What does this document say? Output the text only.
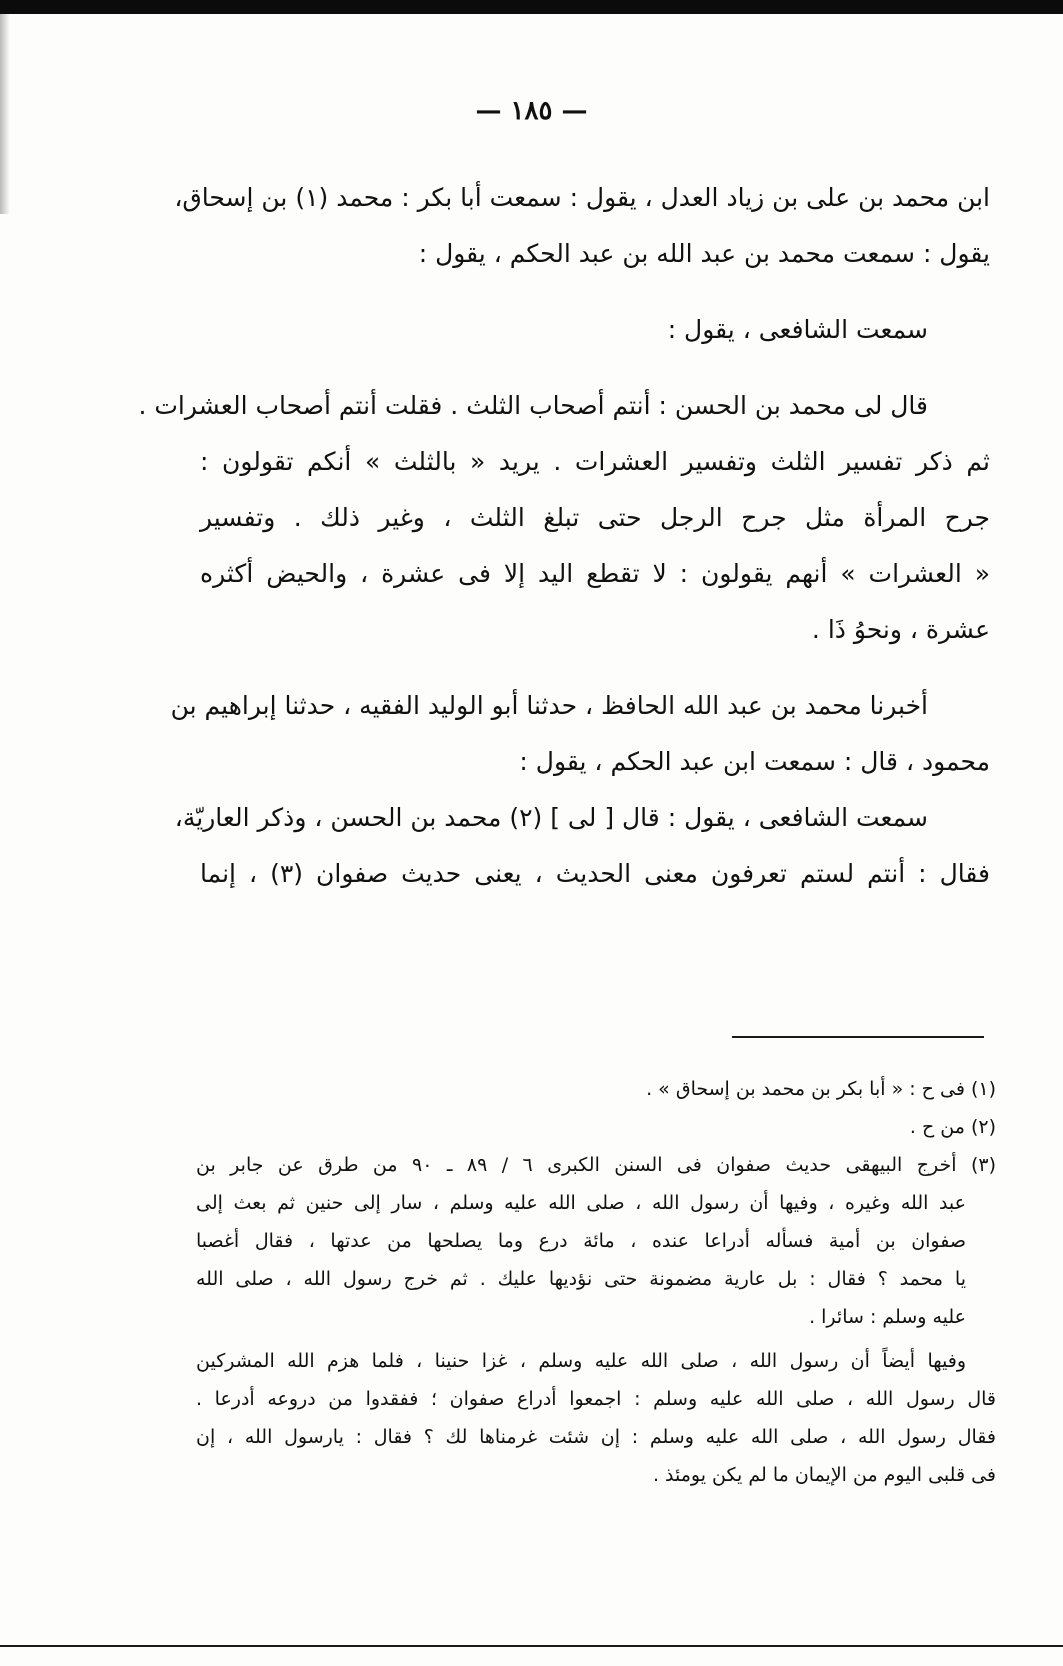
— ١٨٥ —
ابن محمد بن على بن زياد العدل ، يقول : سمعت أبا بكر : محمد (١) بن إسحاق،
يقول : سمعت محمد بن عبد الله بن عبد الحكم ، يقول :
سمعت الشافعى ، يقول :
قال لى محمد بن الحسن : أنتم أصحاب الثلث . فقلت أنتم أصحاب العشرات .
ثم ذكر تفسير الثلث وتفسير العشرات . يريد « بالثلث » أنكم تقولون :
جرح المرأة مثل جرح الرجل حتى تبلغ الثلث ، وغير ذلك . وتفسير
« العشرات » أنهم يقولون : لا تقطع اليد إلا فى عشرة ، والحيض أكثره
عشرة ، ونحوُ ذَا .
أخبرنا محمد بن عبد الله الحافظ ، حدثنا أبو الوليد الفقيه ، حدثنا إبراهيم بن
محمود ، قال : سمعت ابن عبد الحكم ، يقول :
سمعت الشافعى ، يقول : قال [ لى ] (٢) محمد بن الحسن ، وذكر العاريّة،
فقال : أنتم لستم تعرفون معنى الحديث ، يعنى حديث صفوان (٣) ، إنما
(١) فى ح : « أبا بكر بن محمد بن إسحاق » .
(٢) من ح .
(٣) أخرج البيهقى حديث صفوان فى السنن الكبرى ٦ / ٨٩ ـ ٩٠ من طرق عن جابر بن
عبد الله وغيره ، وفيها أن رسول الله ، صلى الله عليه وسلم ، سار إلى حنين ثم بعث إلى
صفوان بن أمية فسأله أدراعا عنده ، مائة درع وما يصلحها من عدتها ، فقال أغصبا
يا محمد ؟ فقال : بل عارية مضمونة حتى نؤديها عليك . ثم خرج رسول الله ، صلى الله
عليه وسلم : سائرا .
وفيها أيضاً أن رسول الله ، صلى الله عليه وسلم ، غزا حنينا ، فلما هزم الله المشركين
قال رسول الله ، صلى الله عليه وسلم : اجمعوا أدراع صفوان ؛ ففقدوا من دروعه أدرعا .
فقال رسول الله ، صلى الله عليه وسلم : إن شئت غرمناها لك ؟ فقال : يارسول الله ، إن
فى قلبى اليوم من الإيمان ما لم يكن يومئذ .
